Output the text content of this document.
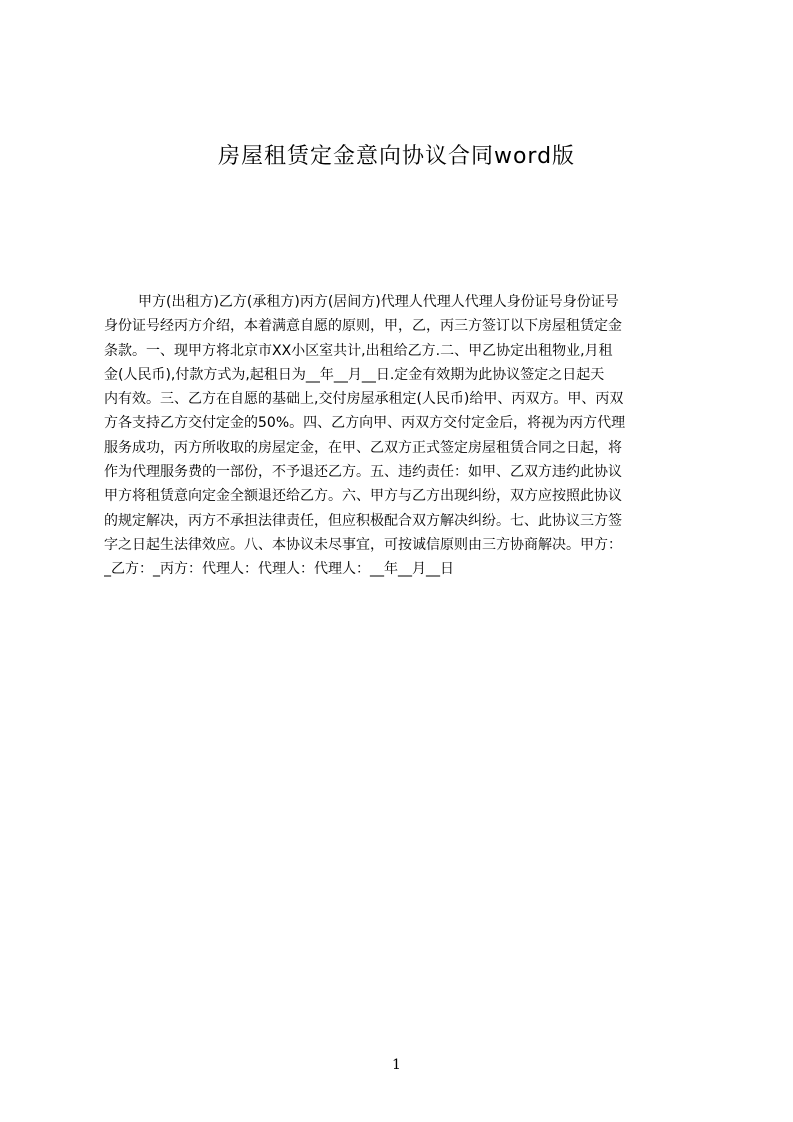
房屋租赁定金意向协议合同word版
甲方(出租方)乙方(承租方)丙方(居间方)代理人代理人代理人身份证号身份证号
身份证号经丙方介绍，本着满意自愿的原则，甲，乙，丙三方签订以下房屋租赁定金
条款。一、现甲方将北京市XX小区室共计,出租给乙方.二、甲乙协定出租物业,月租
金(人民币),付款方式为,起租日为__年__月__日.定金有效期为此协议签定之日起天
内有效。三、乙方在自愿的基础上,交付房屋承租定(人民币)给甲、丙双方。甲、丙双
方各支持乙方交付定金的50%。四、乙方向甲、丙双方交付定金后，将视为丙方代理
服务成功，丙方所收取的房屋定金，在甲、乙双方正式签定房屋租赁合同之日起，将
作为代理服务费的一部份，不予退还乙方。五、违约责任：如甲、乙双方违约此协议
甲方将租赁意向定金全额退还给乙方。六、甲方与乙方出现纠纷，双方应按照此协议
的规定解决，丙方不承担法律责任，但应积极配合双方解决纠纷。七、此协议三方签
字之日起生法律效应。八、本协议未尽事宜，可按诚信原则由三方协商解决。甲方：
_乙方：_丙方：代理人：代理人：代理人：__年__月__日
1
